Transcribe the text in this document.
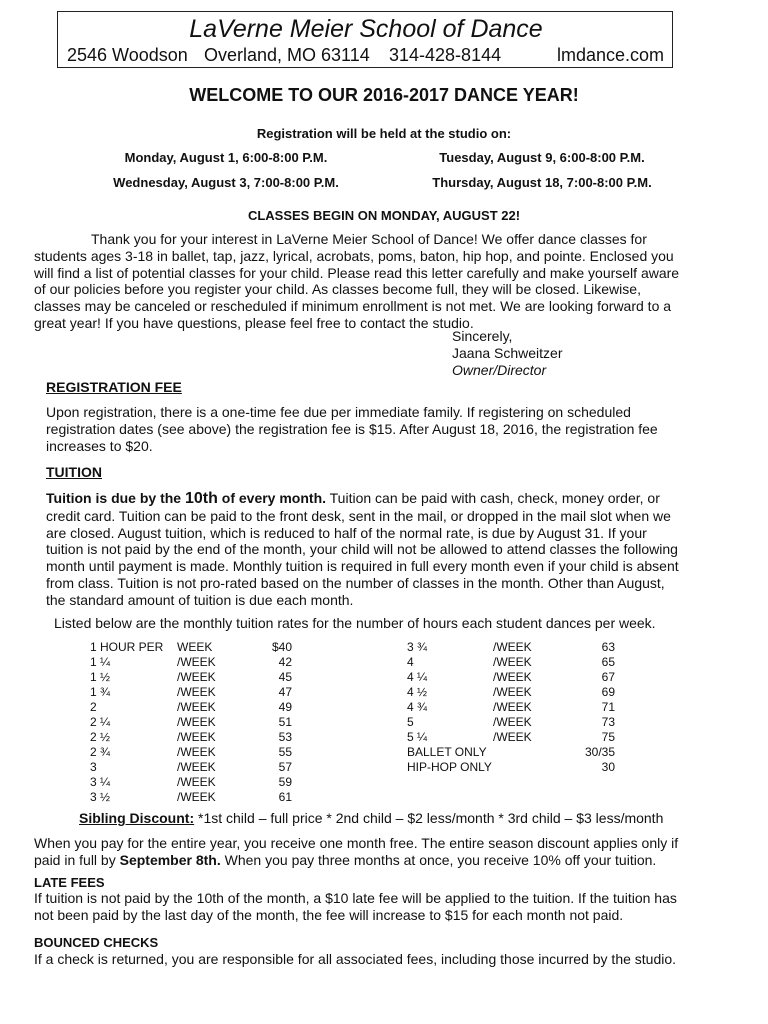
LaVerne Meier School of Dance
2546 Woodson Overland, MO 63114 314-428-8144	lmdance.com
WELCOME TO OUR 2016-2017 DANCE YEAR!
Registration will be held at the studio on:
Monday, August 1, 6:00-8:00 P.M.	Tuesday, August 9, 6:00-8:00 P.M.
Wednesday, August 3, 7:00-8:00 P.M.	Thursday, August 18, 7:00-8:00 P.M.
CLASSES BEGIN ON MONDAY, AUGUST 22!
Thank you for your interest in LaVerne Meier School of Dance! We offer dance classes for
students ages 3-18 in ballet, tap, jazz, lyrical, acrobats, poms, baton, hip hop, and pointe. Enclosed you
will find a list of potential classes for your child. Please read this letter carefully and make yourself aware
of our policies before you register your child. As classes become full, they will be closed. Likewise,
classes may be canceled or rescheduled if minimum enrollment is not met. We are looking forward to a
great year! If you have questions, please feel free to contact the studio.
Sincerely,
Jaana Schweitzer
Owner/Director
REGISTRATION FEE
Upon registration, there is a one-time fee due per immediate family. If registering on scheduled
registration dates (see above) the registration fee is $15. After August 18, 2016, the registration fee
increases to $20.
TUITION
Tuition is due by the 10th of every month. Tuition can be paid with cash, check, money order, or
credit card. Tuition can be paid to the front desk, sent in the mail, or dropped in the mail slot when we
are closed. August tuition, which is reduced to half of the normal rate, is due by August 31. If your
tuition is not paid by the end of the month, your child will not be allowed to attend classes the following
month until payment is made. Monthly tuition is required in full every month even if your child is absent
from class. Tuition is not pro-rated based on the number of classes in the month. Other than August,
the standard amount of tuition is due each month.
Listed below are the monthly tuition rates for the number of hours each student dances per week.
1 HOUR PER WEEK	$40
1 ¼	/WEEK	42
1 ½	/WEEK	45
1 ¾	/WEEK	47
2	/WEEK	49
2 ¼	/WEEK	51
2 ½	/WEEK	53
2 ¾	/WEEK	55
3	/WEEK	57
3 ¼	/WEEK	59
3 ½	/WEEK	61
3 ¾	/WEEK	63
4	/WEEK	65
4 ¼	/WEEK	67
4 ½	/WEEK	69
4 ¾	/WEEK	71
5	/WEEK	73
5 ¼	/WEEK	75
BALLET ONLY	30/35
HIP-HOP ONLY	30
Sibling Discount: *1st child – full price * 2nd child – $2 less/month * 3rd child – $3 less/month
When you pay for the entire year, you receive one month free. The entire season discount applies only if
paid in full by September 8th. When you pay three months at once, you receive 10% off your tuition.
LATE FEES
If tuition is not paid by the 10th of the month, a $10 late fee will be applied to the tuition. If the tuition has
not been paid by the last day of the month, the fee will increase to $15 for each month not paid.
BOUNCED CHECKS
If a check is returned, you are responsible for all associated fees, including those incurred by the studio.
